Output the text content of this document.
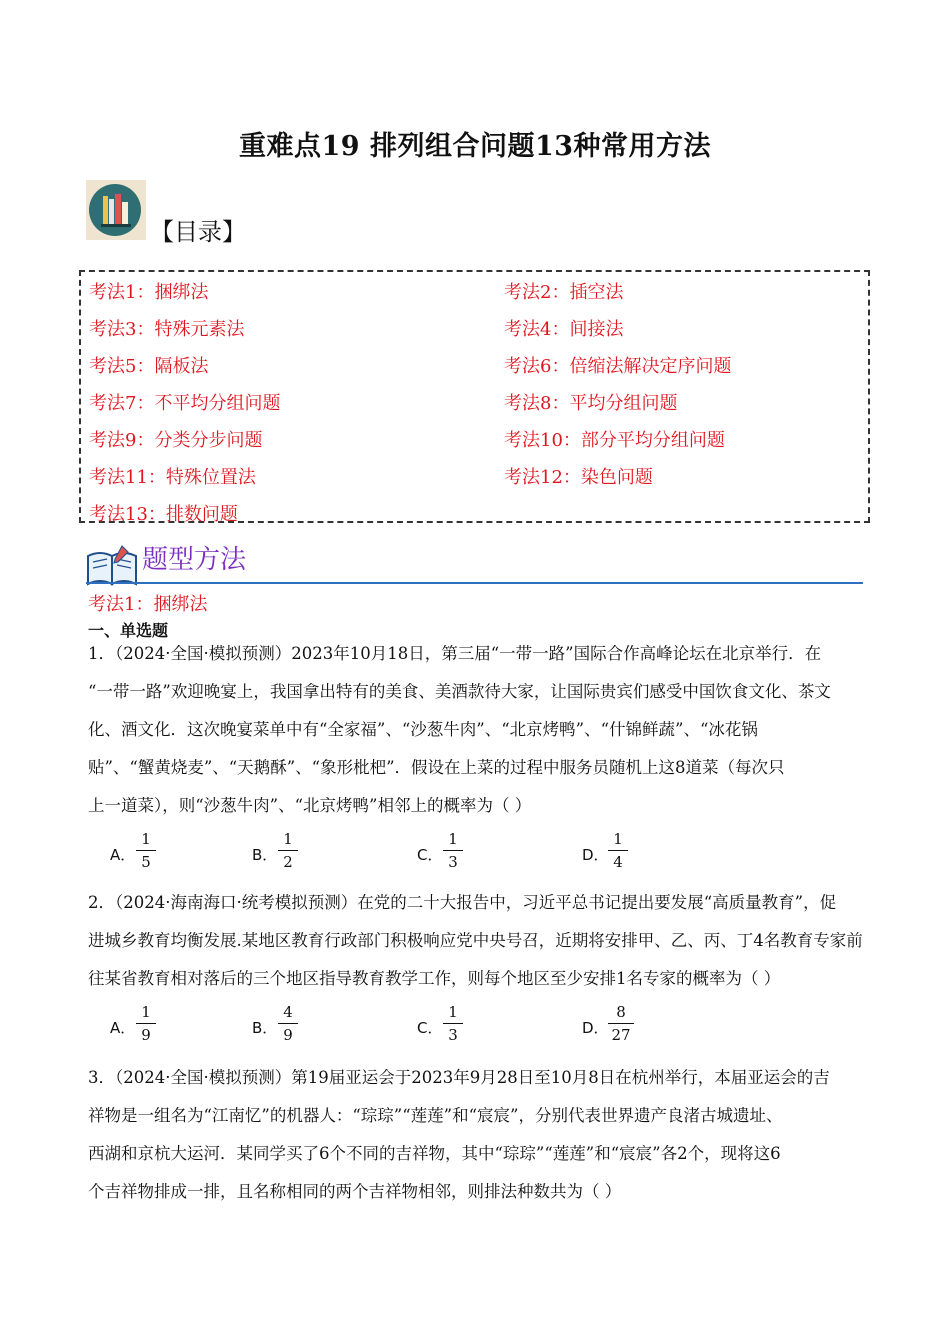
重难点19 排列组合问题13种常用方法
【目录】
考法1：捆绑法	考法2：插空法
考法3：特殊元素法	考法4：间接法
考法5：隔板法	考法6：倍缩法解决定序问题
考法7：不平均分组问题	考法8：平均分组问题
考法9：分类分步问题	考法10：部分平均分组问题
考法11：特殊位置法	考法12：染色问题
考法13：排数问题
题型方法
考法1：捆绑法
一、单选题
1．（2024·全国·模拟预测）2023年10月18日，第三届“一带一路”国际合作高峰论坛在北京举行．在
“一带一路”欢迎晚宴上，我国拿出特有的美食、美酒款待大家，让国际贵宾们感受中国饮食文化、茶文
化、酒文化．这次晚宴菜单中有“全家福”、“沙葱牛肉”、“北京烤鸭”、“什锦鲜蔬”、“冰花锅
贴”、“蟹黄烧麦”、“天鹅酥”、“象形枇杷”．假设在上菜的过程中服务员随机上这8道菜（每次只
上一道菜），则“沙葱牛肉”、“北京烤鸭”相邻上的概率为（ ）
A． $\frac{1}{5}$	B． $\frac{1}{2}$	C． $\frac{1}{3}$	D． $\frac{1}{4}$
2．（2024·海南海口·统考模拟预测）在党的二十大报告中，习近平总书记提出要发展“高质量教育”，促
进城乡教育均衡发展.某地区教育行政部门积极响应党中央号召，近期将安排甲、乙、丙、丁4名教育专家前
往某省教育相对落后的三个地区指导教育教学工作，则每个地区至少安排1名专家的概率为（ ）
A． $\frac{1}{9}$	B． $\frac{4}{9}$	C． $\frac{1}{3}$	D． $\frac{8}{27}$
3．（2024·全国·模拟预测）第19届亚运会于2023年9月28日至10月8日在杭州举行，本届亚运会的吉
祥物是一组名为“江南忆”的机器人：“琮琮”“莲莲”和“宸宸”，分别代表世界遗产良渚古城遗址、
西湖和京杭大运河．某同学买了6个不同的吉祥物，其中“琮琮”“莲莲”和“宸宸”各2个，现将这6
个吉祥物排成一排，且名称相同的两个吉祥物相邻，则排法种数共为（ ）
